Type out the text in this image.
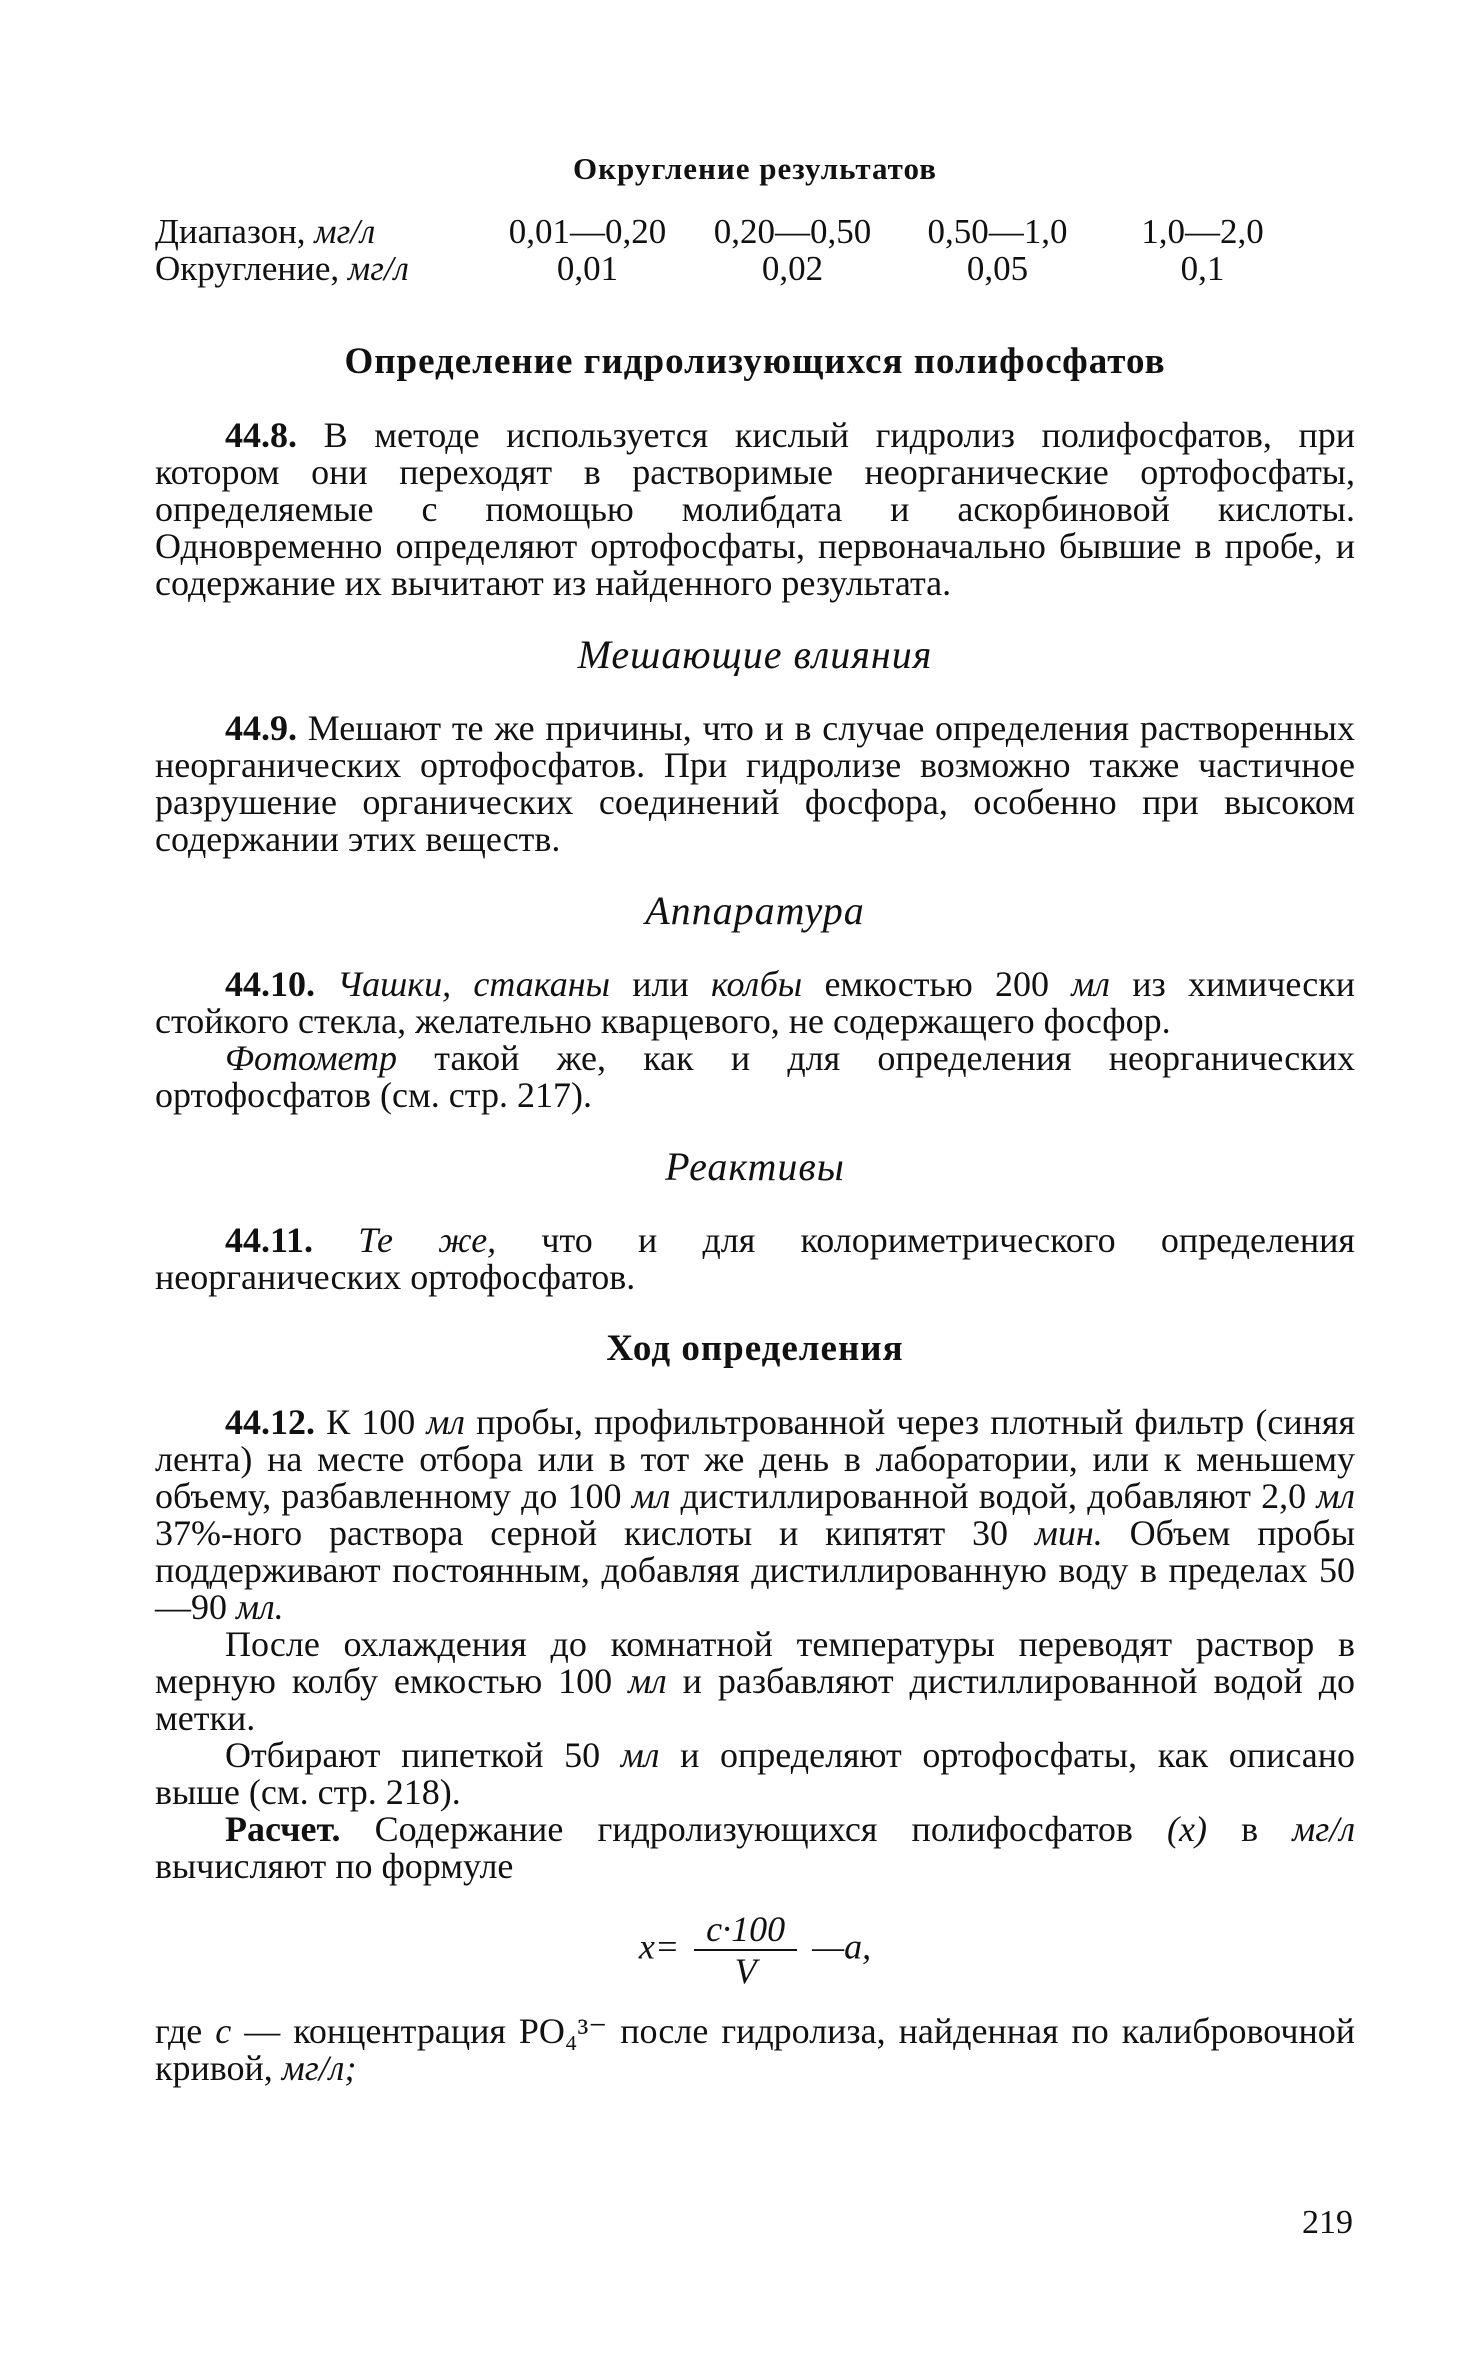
Округление результатов
Диапазон, мг/л	0,01—0,20	0,20—0,50	0,50—1,0	1,0—2,0
Округление, мг/л	0,01	0,02	0,05	0,1
Определение гидролизующихся полифосфатов

44.8. В методе используется кислый гидролиз полифосфатов, при котором они переходят в растворимые неорганические ортофосфаты, определяемые с помощью молибдата и аскорбиновой кислоты. Одновременно определяют ортофосфаты, первоначально бывшие в пробе, и содержание их вычитают из найденного результата.

Мешающие влияния

44.9. Мешают те же причины, что и в случае определения растворенных неорганических ортофосфатов. При гидролизе возможно также частичное разрушение органических соединений фосфора, особенно при высоком содержании этих веществ.

Аппаратура

44.10. Чашки, стаканы или колбы емкостью 200 мл из химически стойкого стекла, желательно кварцевого, не содержащего фосфор.

Фотометр такой же, как и для определения неорганических ортофосфатов (см. стр. 217).

Реактивы

44.11. Те же, что и для колориметрического определения неорганических ортофосфатов.

Ход определения

44.12. К 100 мл пробы, профильтрованной через плотный фильтр (синяя лента) на месте отбора или в тот же день в лаборатории, или к меньшему объему, разбавленному до 100 мл дистиллированной водой, добавляют 2,0 мл 37%-ного раствора серной кислоты и кипятят 30 мин. Объем пробы поддерживают постоянным, добавляя дистиллированную воду в пределах 50—90 мл.

После охлаждения до комнатной температуры переводят раствор в мерную колбу емкостью 100 мл и разбавляют дистиллированной водой до метки.

Отбирают пипеткой 50 мл и определяют ортофосфаты, как описано выше (см. стр. 218).

Расчет. Содержание гидролизующихся полифосфатов (x) в мг/л вычисляют по формуле

$x= \frac{c\cdot 100}{V}$ —a,
где c — концентрация PO₄³⁻ после гидролиза, найденная по калибровочной кривой, мг/л;
219
